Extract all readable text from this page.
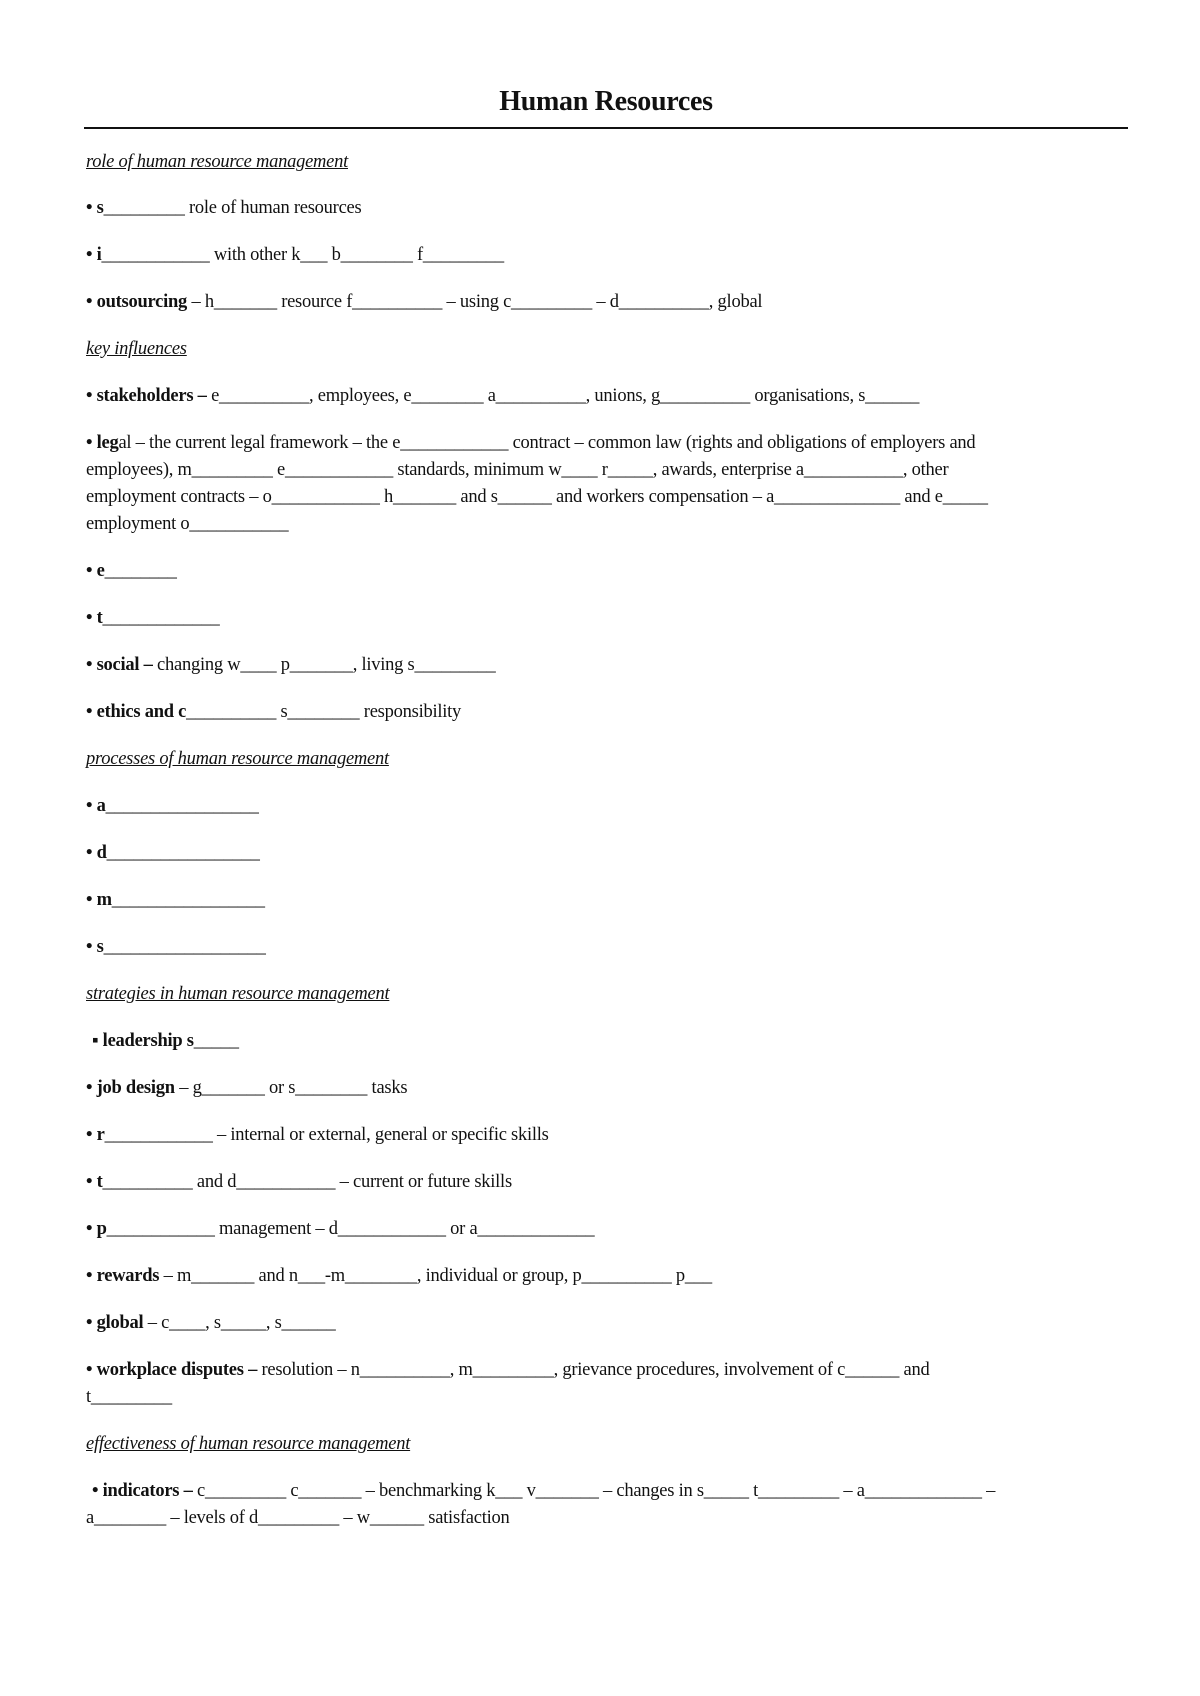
Human Resources
role of human resource management
• s_________ role of human resources
• i____________ with other k___ b________ f_________
• outsourcing – h_______ resource f__________ – using c_________ – d__________, global
key influences
• stakeholders – e__________, employees, e________ a__________, unions, g__________ organisations, s______
• legal – the current legal framework – the e____________ contract – common law (rights and obligations of employers and
employees), m_________ e____________ standards, minimum w____ r_____, awards, enterprise a___________, other
employment contracts – o____________ h_______ and s______ and workers compensation – a______________ and e_____
employment o___________
• e________
• t_____________
• social – changing w____ p_______, living s_________
• ethics and c__________ s________ responsibility
processes of human resource management
• a_________________
• d_________________
• m_________________
• s__________________
strategies in human resource management
▪ leadership s_____
• job design – g_______ or s________ tasks
• r____________ – internal or external, general or specific skills
• t__________ and d___________ – current or future skills
• p____________ management – d____________ or a_____________
• rewards – m_______ and n___-m________, individual or group, p__________ p___
• global – c____, s_____, s______
• workplace disputes – resolution – n__________, m_________, grievance procedures, involvement of c______ and
t_________
effectiveness of human resource management
• indicators – c_________ c_______ – benchmarking k___ v_______ – changes in s_____ t_________ – a_____________ –
a________ – levels of d_________ – w______ satisfaction
